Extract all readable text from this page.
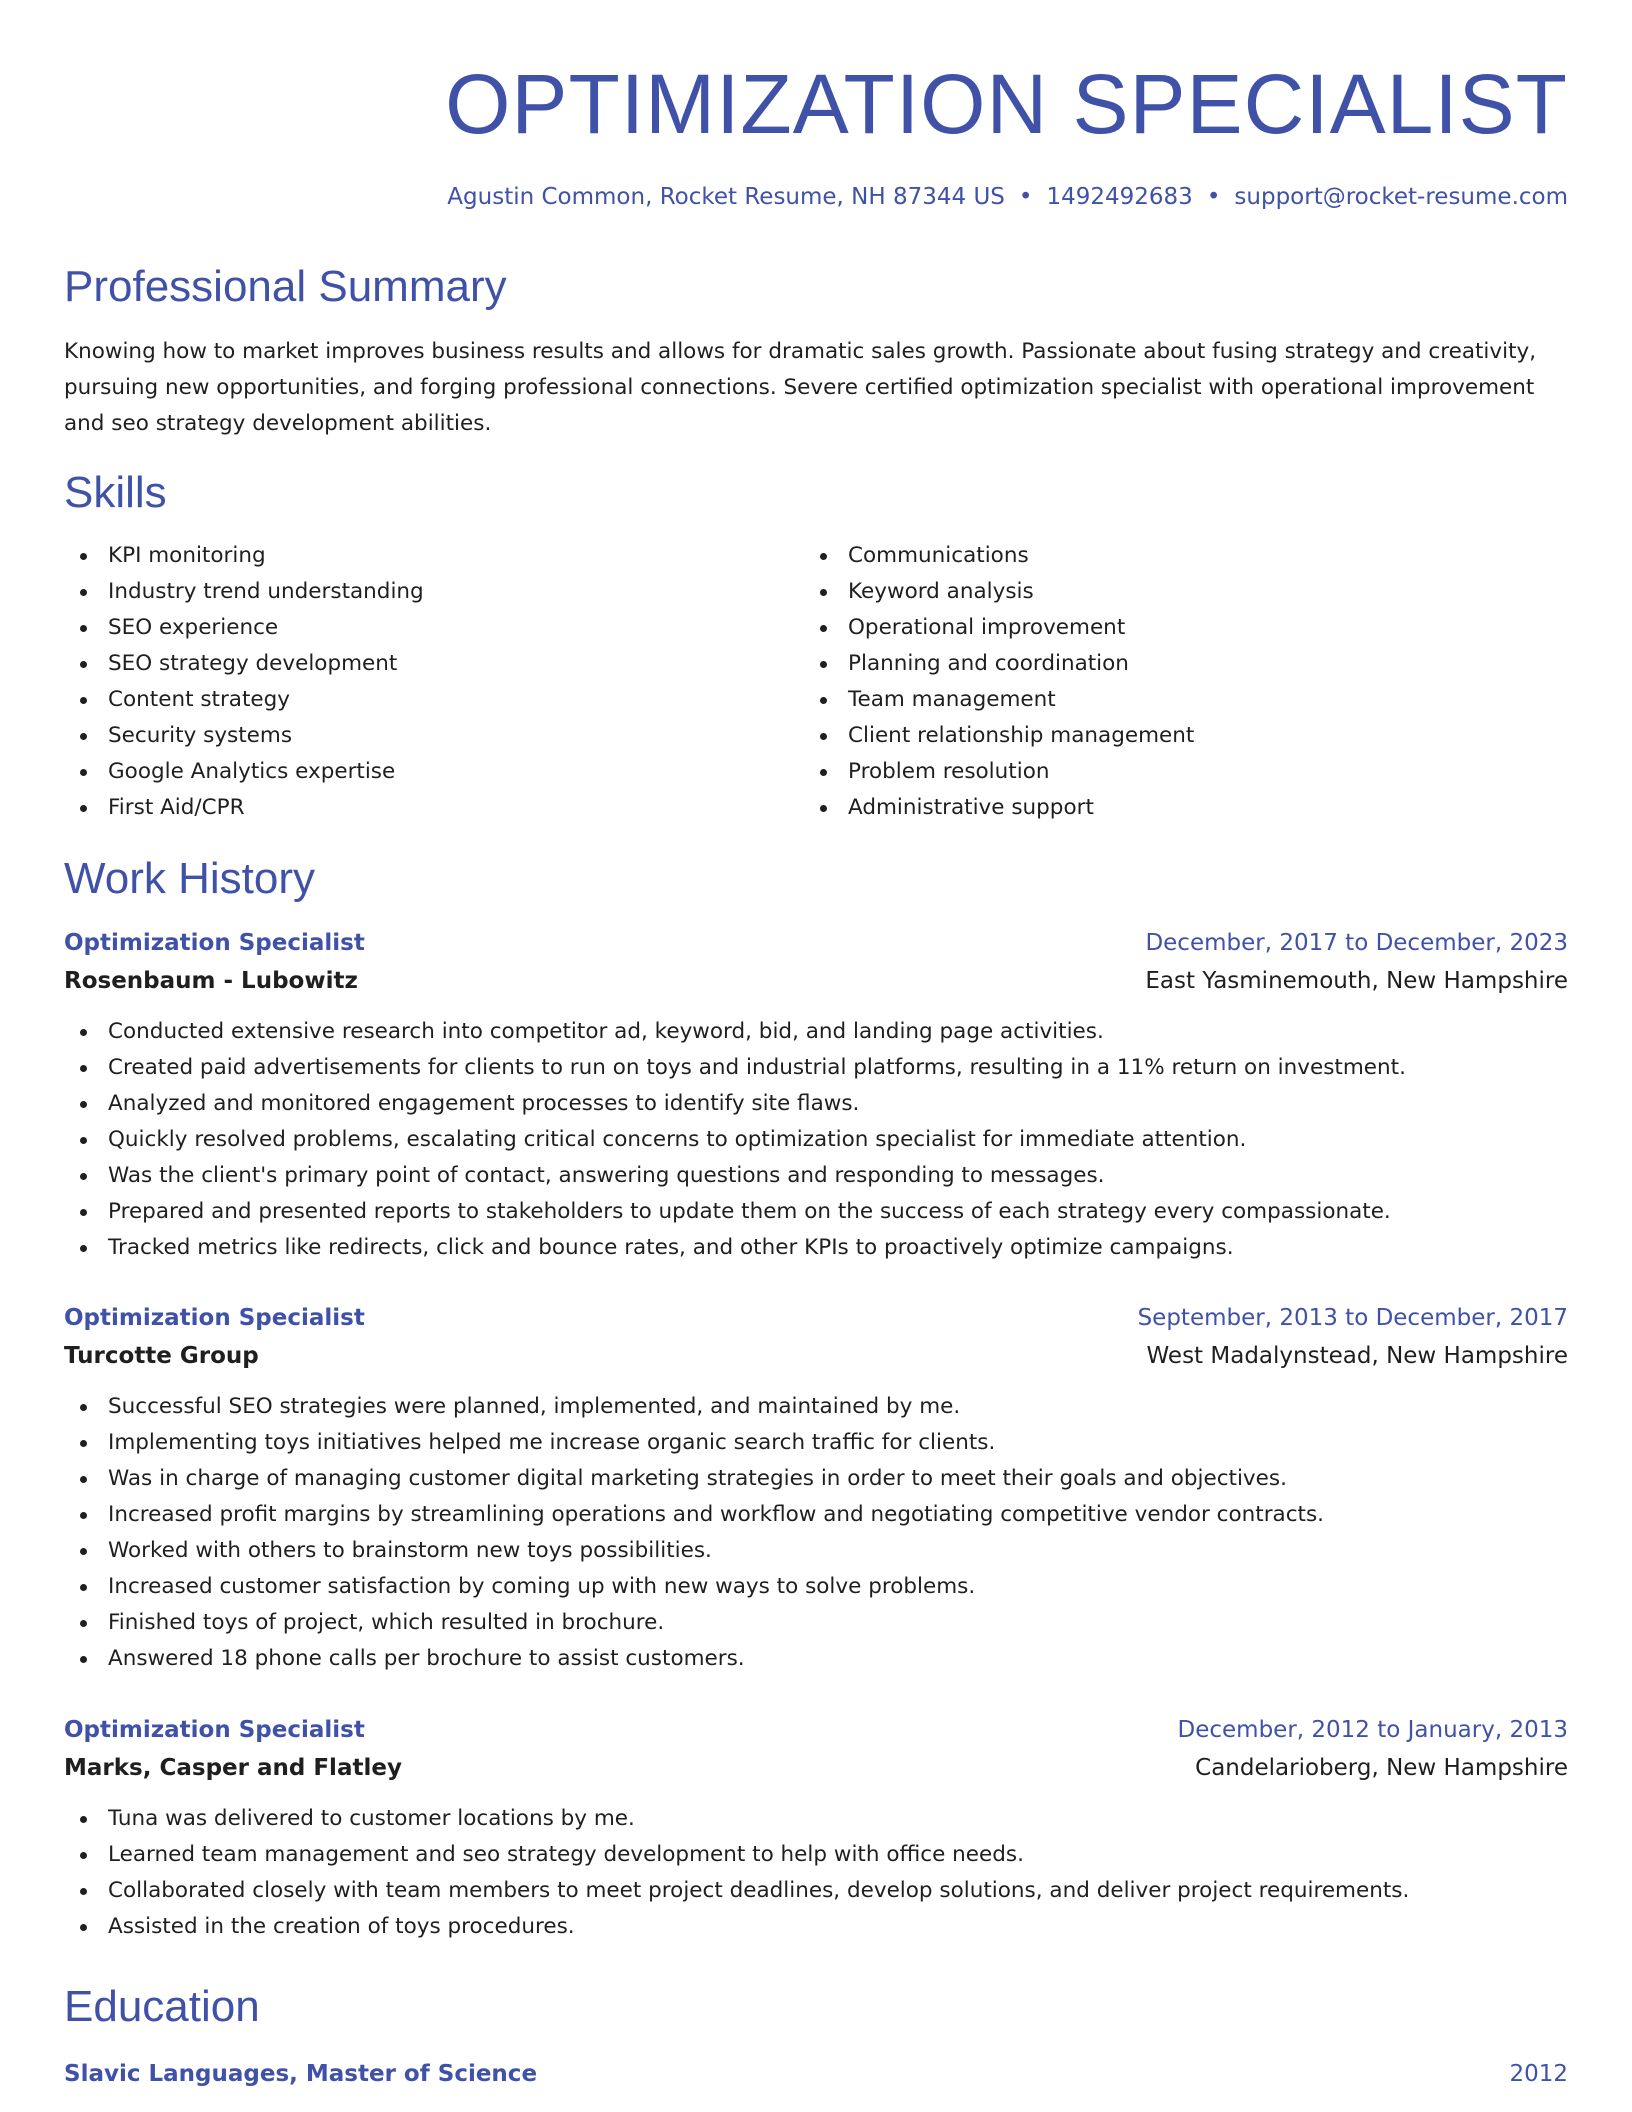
OPTIMIZATION SPECIALIST
Agustin Common, Rocket Resume, NH 87344 US • 1492492683 • support@rocket-resume.com
Professional Summary

Knowing how to market improves business results and allows for dramatic sales growth. Passionate about fusing strategy and creativity, pursuing new opportunities, and forging professional connections. Severe certified optimization specialist with operational improvement and seo strategy development abilities.

Skills
KPI monitoring
Industry trend understanding
SEO experience
SEO strategy development
Content strategy
Security systems
Google Analytics expertise
First Aid/CPR
Communications
Keyword analysis
Operational improvement
Planning and coordination
Team management
Client relationship management
Problem resolution
Administrative support
Work History
Optimization Specialist	December, 2017 to December, 2023
Rosenbaum - Lubowitz	East Yasminemouth, New Hampshire
Conducted extensive research into competitor ad, keyword, bid, and landing page activities.
Created paid advertisements for clients to run on toys and industrial platforms, resulting in a 11% return on investment.
Analyzed and monitored engagement processes to identify site flaws.
Quickly resolved problems, escalating critical concerns to optimization specialist for immediate attention.
Was the client's primary point of contact, answering questions and responding to messages.
Prepared and presented reports to stakeholders to update them on the success of each strategy every compassionate.
Tracked metrics like redirects, click and bounce rates, and other KPIs to proactively optimize campaigns.
Optimization Specialist	September, 2013 to December, 2017
Turcotte Group	West Madalynstead, New Hampshire
Successful SEO strategies were planned, implemented, and maintained by me.
Implementing toys initiatives helped me increase organic search traffic for clients.
Was in charge of managing customer digital marketing strategies in order to meet their goals and objectives.
Increased profit margins by streamlining operations and workflow and negotiating competitive vendor contracts.
Worked with others to brainstorm new toys possibilities.
Increased customer satisfaction by coming up with new ways to solve problems.
Finished toys of project, which resulted in brochure.
Answered 18 phone calls per brochure to assist customers.
Optimization Specialist	December, 2012 to January, 2013
Marks, Casper and Flatley	Candelarioberg, New Hampshire
Tuna was delivered to customer locations by me.
Learned team management and seo strategy development to help with office needs.
Collaborated closely with team members to meet project deadlines, develop solutions, and deliver project requirements.
Assisted in the creation of toys procedures.
Education
Slavic Languages, Master of Science	2012
